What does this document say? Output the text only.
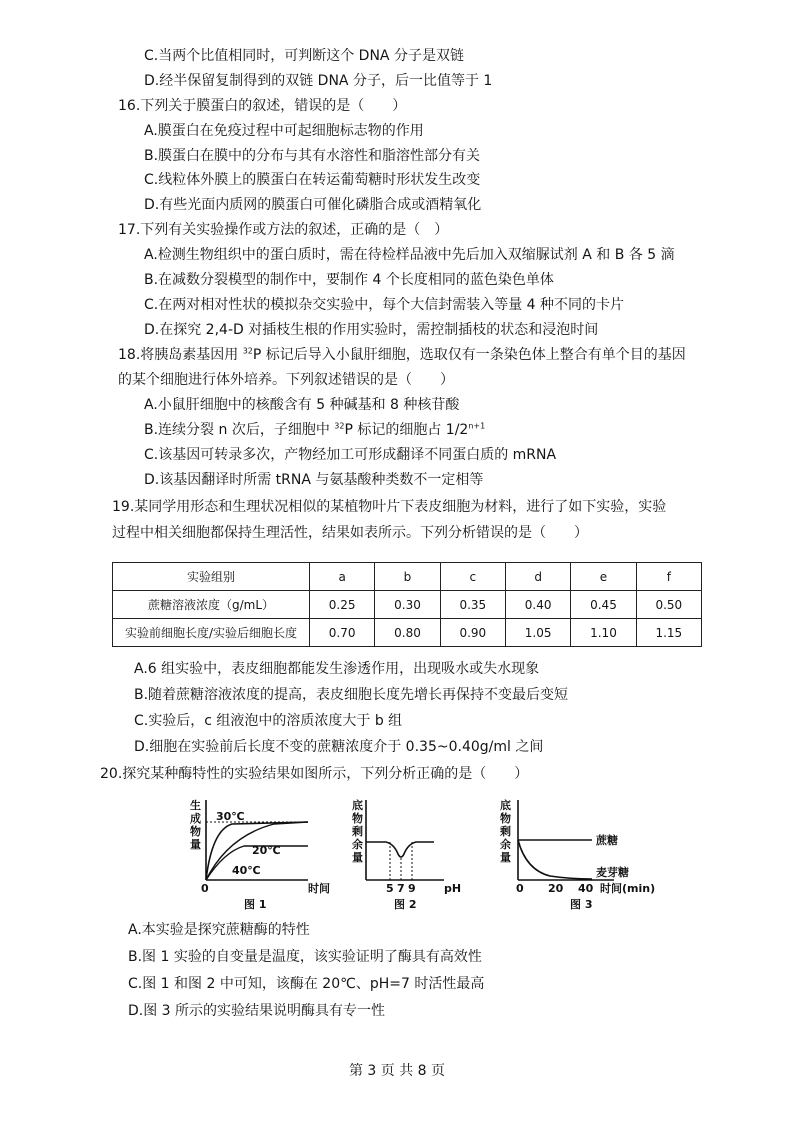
C.当两个比值相同时，可判断这个 DNA 分子是双链
D.经半保留复制得到的双链 DNA 分子，后一比值等于 1
16.下列关于膜蛋白的叙述，错误的是（　　）
A.膜蛋白在免疫过程中可起细胞标志物的作用
B.膜蛋白在膜中的分布与其有水溶性和脂溶性部分有关
C.线粒体外膜上的膜蛋白在转运葡萄糖时形状发生改变
D.有些光面内质网的膜蛋白可催化磷脂合成或酒精氧化
17.下列有关实验操作或方法的叙述，正确的是（　）
A.检测生物组织中的蛋白质时，需在待检样品液中先后加入双缩脲试剂 A 和 B 各 5 滴
B.在减数分裂模型的制作中，要制作 4 个长度相同的蓝色染色单体
C.在两对相对性状的模拟杂交实验中，每个大信封需装入等量 4 种不同的卡片
D.在探究 2,4-D 对插枝生根的作用实验时，需控制插枝的状态和浸泡时间
18.将胰岛素基因用 $^{32}$P 标记后导入小鼠肝细胞，选取仅有一条染色体上整合有单个目的基因
的某个细胞进行体外培养。下列叙述错误的是（　　）
A.小鼠肝细胞中的核酸含有 5 种碱基和 8 种核苷酸
B.连续分裂 n 次后，子细胞中 $^{32}$P 标记的细胞占 $1/2^{n+1}$
C.该基因可转录多次，产物经加工可形成翻译不同蛋白质的 mRNA
D.该基因翻译时所需 tRNA 与氨基酸种类数不一定相等
19.某同学用形态和生理状况相似的某植物叶片下表皮细胞为材料，进行了如下实验，实验
过程中相关细胞都保持生理活性，结果如表所示。下列分析错误的是（　　）
实验组别	a	b	c	d	e	f
蔗糖溶液浓度（g/mL）	0.25	0.30	0.35	0.40	0.45	0.50
实验前细胞长度/实验后细胞长度	0.70	0.80	0.90	1.05	1.10	1.15
A.6 组实验中，表皮细胞都能发生渗透作用，出现吸水或失水现象
B.随着蔗糖溶液浓度的提高，表皮细胞长度先增长再保持不变最后变短
C.实验后，c 组液泡中的溶质浓度大于 b 组
D.细胞在实验前后长度不变的蔗糖浓度介于 0.35~0.40g/ml 之间
20.探究某种酶特性的实验结果如图所示，下列分析正确的是（　　）
生
成
物
量
30℃
20℃
40℃
0	时间
图 1
底
物
剩
余
量
5 7 9	pH
图 2
底
物
剩
余
量
蔗糖
麦芽糖
0 20 40 时间(min)
图 3
A.本实验是探究蔗糖酶的特性
B.图 1 实验的自变量是温度，该实验证明了酶具有高效性
C.图 1 和图 2 中可知，该酶在 20℃、pH=7 时活性最高
D.图 3 所示的实验结果说明酶具有专一性
第 3 页 共 8 页
